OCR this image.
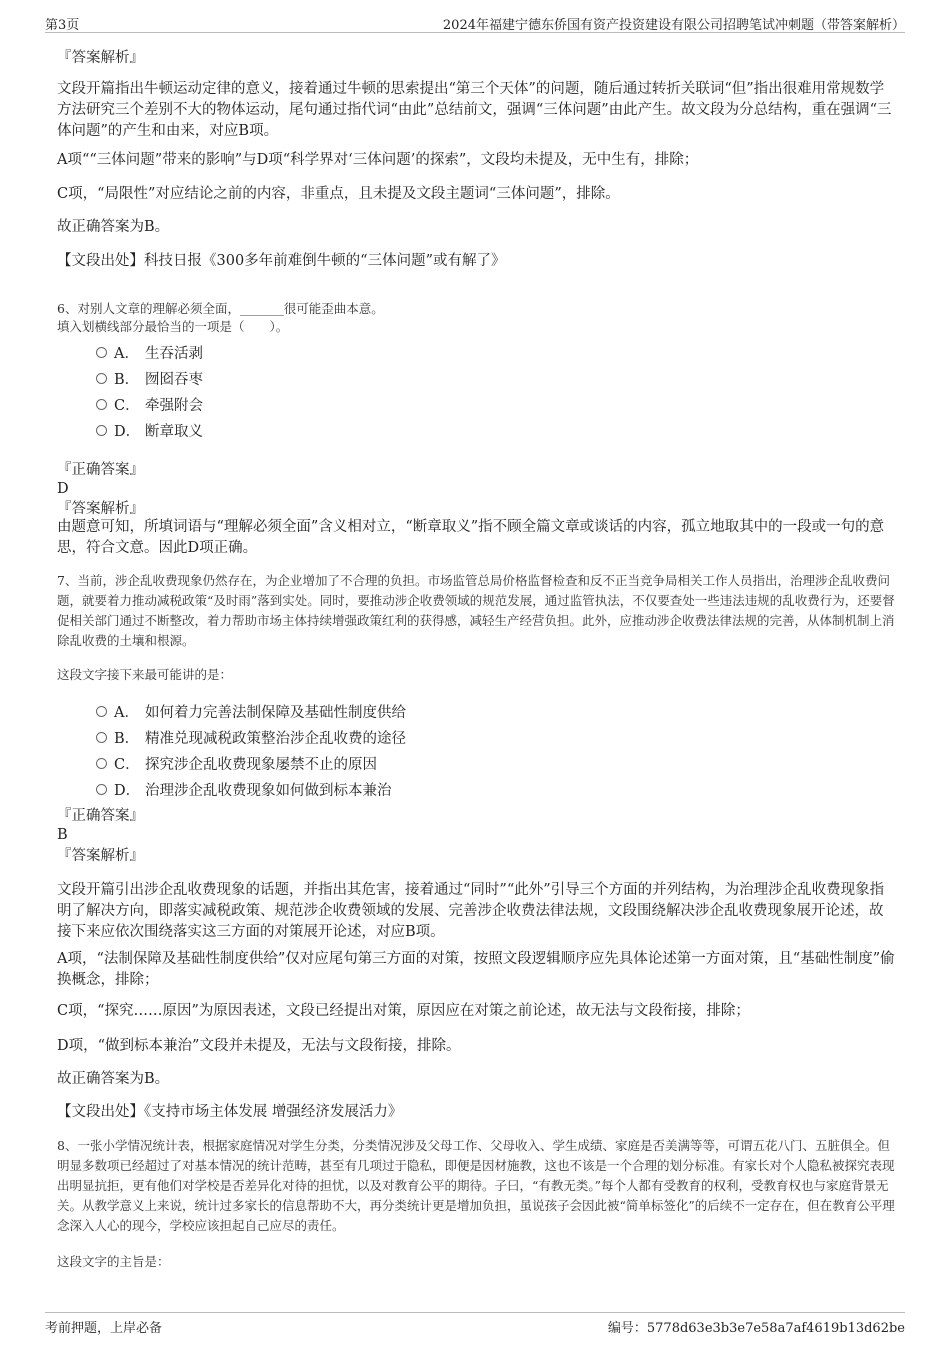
第3页	2024年福建宁德东侨国有资产投资建设有限公司招聘笔试冲刺题（带答案解析）
『答案解析』
文段开篇指出牛顿运动定律的意义，接着通过牛顿的思索提出“第三个天体”的问题，随后通过转折关联词“但”指出很难用常规数学方法研究三个差别不大的物体运动，尾句通过指代词“由此”总结前文，强调“三体问题”由此产生。故文段为分总结构，重在强调“三体问题”的产生和由来，对应B项。
A项““三体问题”带来的影响”与D项“科学界对‘三体问题’的探索”，文段均未提及，无中生有，排除；
C项，“局限性”对应结论之前的内容，非重点，且未提及文段主题词“三体问题”，排除。
故正确答案为B。
【文段出处】科技日报《300多年前难倒牛顿的“三体问题”或有解了》
6、对别人文章的理解必须全面，_______很可能歪曲本意。
填入划横线部分最恰当的一项是（　　）。
A． 生吞活剥
B． 囫囵吞枣
C． 牵强附会
D． 断章取义
『正确答案』
D
『答案解析』
由题意可知，所填词语与“理解必须全面”含义相对立，“断章取义”指不顾全篇文章或谈话的内容，孤立地取其中的一段或一句的意思，符合文意。因此D项正确。
7、当前，涉企乱收费现象仍然存在，为企业增加了不合理的负担。市场监管总局价格监督检查和反不正当竞争局相关工作人员指出，治理涉企乱收费问题，就要着力推动减税政策“及时雨”落到实处。同时，要推动涉企收费领域的规范发展，通过监管执法，不仅要查处一些违法违规的乱收费行为，还要督促相关部门通过不断整改，着力帮助市场主体持续增强政策红利的获得感，减轻生产经营负担。此外，应推动涉企收费法律法规的完善，从体制机制上消除乱收费的土壤和根源。
这段文字接下来最可能讲的是：
A． 如何着力完善法制保障及基础性制度供给
B． 精准兑现减税政策整治涉企乱收费的途径
C． 探究涉企乱收费现象屡禁不止的原因
D． 治理涉企乱收费现象如何做到标本兼治
『正确答案』
B
『答案解析』
文段开篇引出涉企乱收费现象的话题，并指出其危害，接着通过“同时”“此外”引导三个方面的并列结构，为治理涉企乱收费现象指明了解决方向，即落实减税政策、规范涉企收费领域的发展、完善涉企收费法律法规，文段围绕解决涉企乱收费现象展开论述，故接下来应依次围绕落实这三方面的对策展开论述，对应B项。
A项，“法制保障及基础性制度供给”仅对应尾句第三方面的对策，按照文段逻辑顺序应先具体论述第一方面对策，且“基础性制度”偷换概念，排除；
C项，“探究……原因”为原因表述，文段已经提出对策，原因应在对策之前论述，故无法与文段衔接，排除；
D项，“做到标本兼治”文段并未提及，无法与文段衔接，排除。
故正确答案为B。
【文段出处】《支持市场主体发展 增强经济发展活力》
8、一张小学情况统计表，根据家庭情况对学生分类，分类情况涉及父母工作、父母收入、学生成绩、家庭是否美满等等，可谓五花八门、五脏俱全。但明显多数项已经超过了对基本情况的统计范畴，甚至有几项过于隐私，即便是因材施教，这也不该是一个合理的划分标准。有家长对个人隐私被探究表现出明显抗拒，更有他们对学校是否差异化对待的担忧，以及对教育公平的期待。子曰，“有教无类。”每个人都有受教育的权利，受教育权也与家庭背景无关。从教学意义上来说，统计过多家长的信息帮助不大，再分类统计更是增加负担，虽说孩子会因此被“简单标签化”的后续不一定存在，但在教育公平理念深入人心的现今，学校应该担起自己应尽的责任。
这段文字的主旨是：
考前押题，上岸必备	编号：5778d63e3b3e7e58a7af4619b13d62be
